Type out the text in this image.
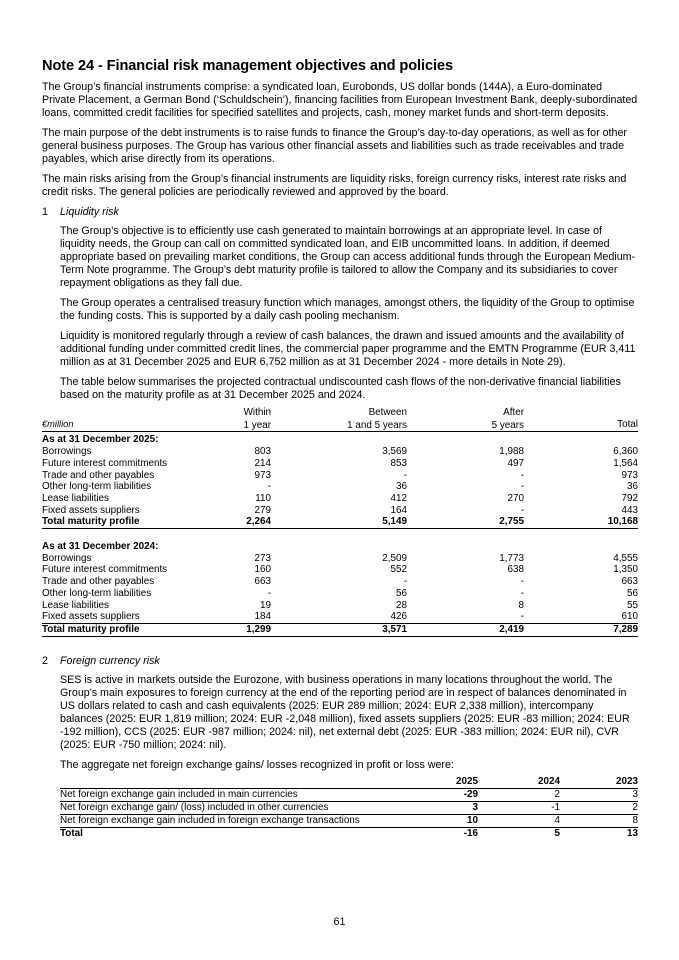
Note 24 - Financial risk management objectives and policies

The Group’s financial instruments comprise: a syndicated loan, Eurobonds, US dollar bonds (144A), a Euro-dominated Private Placement, a German Bond (‘Schuldschein’), financing facilities from European Investment Bank, deeply-subordinated loans, committed credit facilities for specified satellites and projects, cash, money market funds and short-term deposits.

The main purpose of the debt instruments is to raise funds to finance the Group’s day-to-day operations, as well as for other general business purposes. The Group has various other financial assets and liabilities such as trade receivables and trade payables, which arise directly from its operations.

The main risks arising from the Group’s financial instruments are liquidity risks, foreign currency risks, interest rate risks and credit risks. The general policies are periodically reviewed and approved by the board.

1 Liquidity risk

The Group’s objective is to efficiently use cash generated to maintain borrowings at an appropriate level. In case of liquidity needs, the Group can call on committed syndicated loan, and EIB uncommitted loans. In addition, if deemed appropriate based on prevailing market conditions, the Group can access additional funds through the European Medium-Term Note programme. The Group’s debt maturity profile is tailored to allow the Company and its subsidiaries to cover repayment obligations as they fall due.

The Group operates a centralised treasury function which manages, amongst others, the liquidity of the Group to optimise the funding costs. This is supported by a daily cash pooling mechanism.

Liquidity is monitored regularly through a review of cash balances, the drawn and issued amounts and the availability of additional funding under committed credit lines, the commercial paper programme and the EMTN Programme (EUR 3,411 million as at 31 December 2025 and EUR 6,752 million as at 31 December 2024 - more details in Note 29).

The table below summarises the projected contractual undiscounted cash flows of the non-derivative financial liabilities based on the maturity profile as at 31 December 2025 and 2024.

€million	Within	Between	After	Total
	1 year	1 and 5 years	5 years	
As at 31 December 2025:				
Borrowings	803	3,569	1,988	6,360
Future interest commitments	214	853	497	1,564
Trade and other payables	973	-	-	973
Other long-term liabilities	-	36	-	36
Lease liabilities	110	412	270	792
Fixed assets suppliers	279	164	-	443
Total maturity profile	2,264	5,149	2,755	10,168

As at 31 December 2024:				
Borrowings	273	2,509	1,773	4,555
Future interest commitments	160	552	638	1,350
Trade and other payables	663	-	-	663
Other long-term liabilities	-	56	-	56
Lease liabilities	19	28	8	55
Fixed assets suppliers	184	426	-	610
Total maturity profile	1,299	3,571	2,419	7,289
2 Foreign currency risk

SES is active in markets outside the Eurozone, with business operations in many locations throughout the world. The Group's main exposures to foreign currency at the end of the reporting period are in respect of balances denominated in US dollars related to cash and cash equivalents (2025: EUR 289 million; 2024: EUR 2,338 million), intercompany balances (2025: EUR 1,819 million; 2024: EUR -2,048 million), fixed assets suppliers (2025: EUR -83 million; 2024: EUR -192 million), CCS (2025: EUR -987 million; 2024: nil), net external debt (2025: EUR -383 million; 2024: EUR nil), CVR (2025: EUR -750 million; 2024: nil).

The aggregate net foreign exchange gains/ losses recognized in profit or loss were:

	2025	2024	2023
Net foreign exchange gain included in main currencies	-29	2	3
Net foreign exchange gain/ (loss) included in other currencies	3	-1	2
Net foreign exchange gain included in foreign exchange transactions	10	4	8
Total	-16	5	13
61
